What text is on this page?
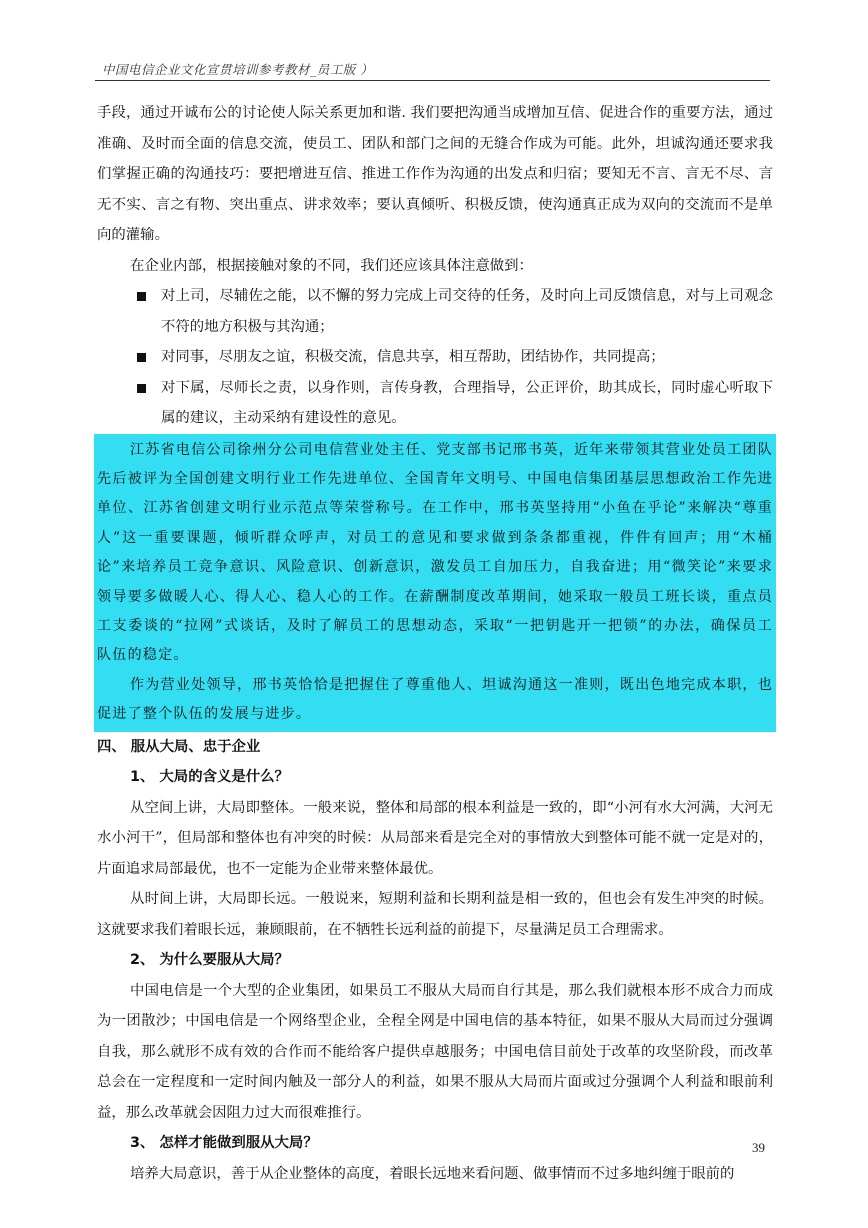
中国电信企业文化宣贯培训参考教材_员工版 ）

手段，通过开诚布公的讨论使人际关系更加和谐. 我们要把沟通当成增加互信、促进合作的重要方法，通过准确、及时而全面的信息交流，使员工、团队和部门之间的无缝合作成为可能。此外，坦诚沟通还要求我们掌握正确的沟通技巧：要把增进互信、推进工作作为沟通的出发点和归宿；要知无不言、言无不尽、言无不实、言之有物、突出重点、讲求效率；要认真倾听、积极反馈，使沟通真正成为双向的交流而不是单向的灌输。

在企业内部，根据接触对象的不同，我们还应该具体注意做到：

对上司，尽辅佐之能，以不懈的努力完成上司交待的任务，及时向上司反馈信息，对与上司观念不符的地方积极与其沟通；
对同事，尽朋友之谊，积极交流，信息共享，相互帮助，团结协作，共同提高；
对下属，尽师长之责，以身作则，言传身教，合理指导，公正评价，助其成长，同时虚心听取下属的建议，主动采纳有建设性的意见。

江苏省电信公司徐州分公司电信营业处主任、党支部书记邢书英，近年来带领其营业处员工团队先后被评为全国创建文明行业工作先进单位、全国青年文明号、中国电信集团基层思想政治工作先进单位、江苏省创建文明行业示范点等荣誉称号。在工作中，邢书英坚持用“小鱼在乎论”来解决“尊重人”这一重要课题，倾听群众呼声，对员工的意见和要求做到条条都重视，件件有回声；用“木桶论”来培养员工竞争意识、风险意识、创新意识，激发员工自加压力，自我奋进；用“微笑论”来要求领导要多做暖人心、得人心、稳人心的工作。在薪酬制度改革期间，她采取一般员工班长谈，重点员工支委谈的“拉网”式谈话，及时了解员工的思想动态，采取“一把钥匙开一把锁”的办法，确保员工队伍的稳定。

作为营业处领导，邢书英恰恰是把握住了尊重他人、坦诚沟通这一准则，既出色地完成本职，也促进了整个队伍的发展与进步。

四、 服从大局、忠于企业

1、 大局的含义是什么？

从空间上讲，大局即整体。一般来说，整体和局部的根本利益是一致的，即“小河有水大河满，大河无水小河干”，但局部和整体也有冲突的时候：从局部来看是完全对的事情放大到整体可能不就一定是对的，片面追求局部最优，也不一定能为企业带来整体最优。

从时间上讲，大局即长远。一般说来，短期利益和长期利益是相一致的，但也会有发生冲突的时候。这就要求我们着眼长远，兼顾眼前，在不牺牲长远利益的前提下，尽量满足员工合理需求。

2、 为什么要服从大局？

中国电信是一个大型的企业集团，如果员工不服从大局而自行其是，那么我们就根本形不成合力而成为一团散沙；中国电信是一个网络型企业，全程全网是中国电信的基本特征，如果不服从大局而过分强调自我，那么就形不成有效的合作而不能给客户提供卓越服务；中国电信目前处于改革的攻坚阶段，而改革总会在一定程度和一定时间内触及一部分人的利益，如果不服从大局而片面或过分强调个人利益和眼前利益，那么改革就会因阻力过大而很难推行。

3、 怎样才能做到服从大局？

培养大局意识，善于从企业整体的高度，着眼长远地来看问题、做事情而不过多地纠缠于眼前的

39
